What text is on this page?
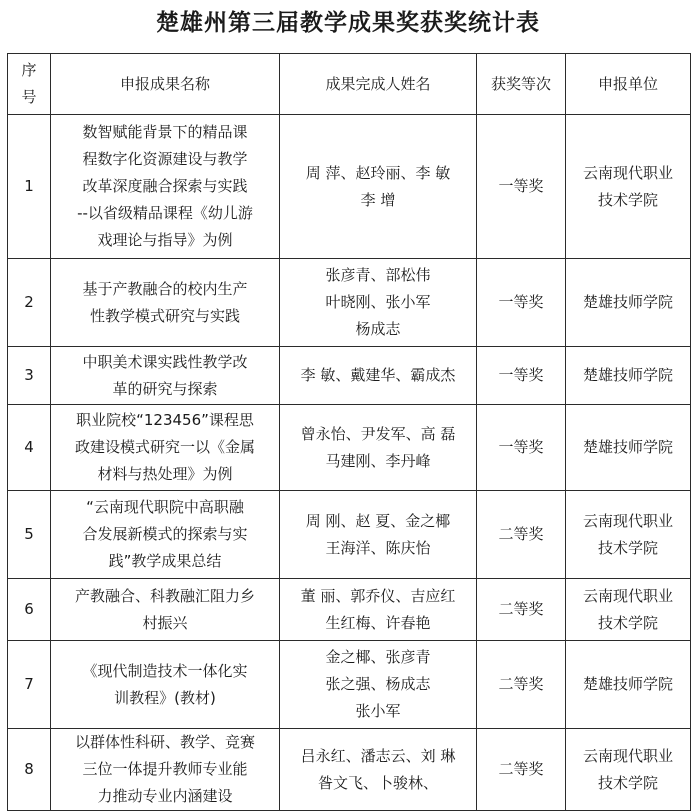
楚雄州第三届教学成果奖获奖统计表
序
号	申报成果名称	成果完成人姓名	获奖等次	申报单位
1	数智赋能背景下的精品课
程数字化资源建设与教学
改革深度融合探索与实践
--以省级精品课程《幼儿游
戏理论与指导》为例	周 萍、赵玲丽、李 敏
李 增	一等奖	云南现代职业
技术学院

2	基于产教融合的校内生产
性教学模式研究与实践	张彦青、部松伟
叶晓刚、张小军
杨成志	一等奖	楚雄技师学院

3	中职美术课实践性教学改
革的研究与探索	李 敏、戴建华、霸成杰	一等奖	楚雄技师学院

4	职业院校“123456”课程思
政建设模式研究一以《金属
材料与热处理》为例	曾永怡、尹发军、高 磊
马建刚、李丹峰	一等奖	楚雄技师学院

5	“云南现代职院中高职融
合发展新模式的探索与实
践”教学成果总结	周 刚、赵 夏、金之椰
王海洋、陈庆怡	二等奖	云南现代职业
技术学院

6	产教融合、科教融汇阻力乡
村振兴	董 丽、郭乔仪、吉应红
生红梅、许春艳	二等奖	云南现代职业
技术学院

7	《现代制造技术一体化实
训教程》(教材)	金之椰、张彦青
张之强、杨成志
张小军	二等奖	楚雄技师学院

8	以群体性科研、教学、竞赛
三位一体提升教师专业能
力推动专业内涵建设	吕永红、潘志云、刘 琳
昝文飞、卜骏林、	二等奖	云南现代职业
技术学院
